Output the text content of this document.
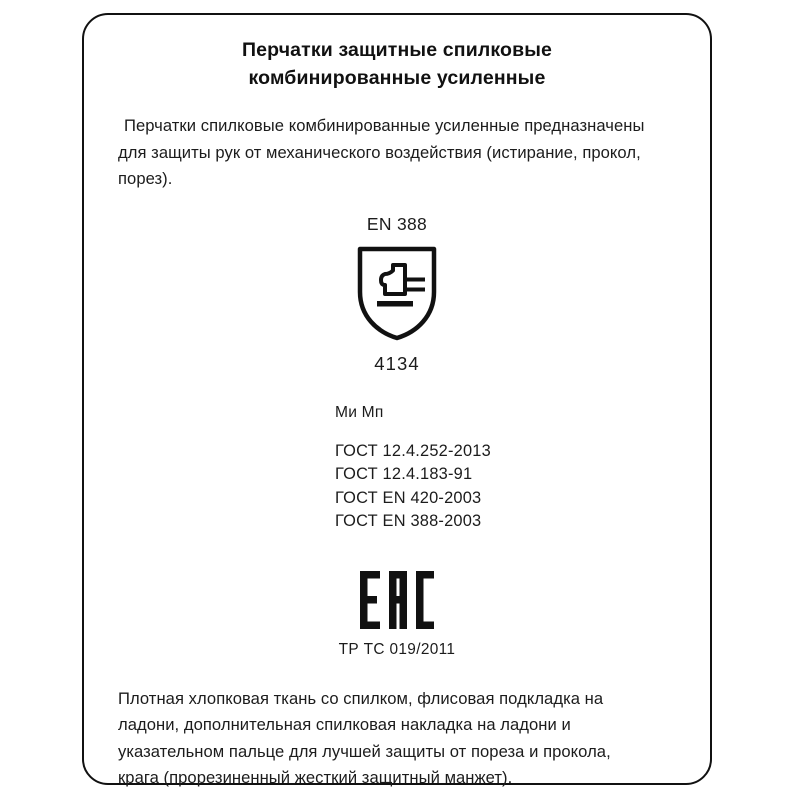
Перчатки защитные спилковые
комбинированные усиленные
Перчатки спилковые комбинированные усиленные предназначены
для защиты рук от механического воздействия (истирание, прокол,
порез).
EN 388
4134
Ми Мп
ГОСТ 12.4.252-2013
ГОСТ 12.4.183-91
ГОСТ EN 420-2003
ГОСТ EN 388-2003
ТР ТС 019/2011
Плотная хлопковая ткань со спилком, флисовая подкладка на
ладони, дополнительная спилковая накладка на ладони и
указательном пальце для лучшей защиты от пореза и прокола,
крага (прорезиненный жесткий защитный манжет).
